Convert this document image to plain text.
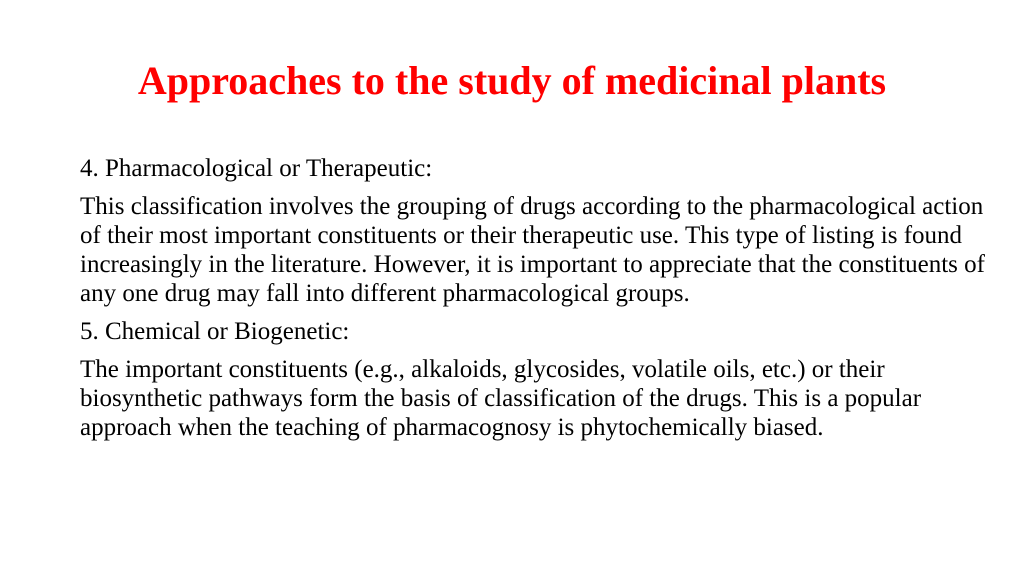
Approaches to the study of medicinal plants

4. Pharmacological or Therapeutic:

This classification involves the grouping of drugs according to the pharmacological action of their most important constituents or their therapeutic use. This type of listing is found increasingly in the literature. However, it is important to appreciate that the constituents of any one drug may fall into different pharmacological groups.

5. Chemical or Biogenetic:

The important constituents (e.g., alkaloids, glycosides, volatile oils, etc.) or their biosynthetic pathways form the basis of classification of the drugs. This is a popular approach when the teaching of pharmacognosy is phytochemically biased.
